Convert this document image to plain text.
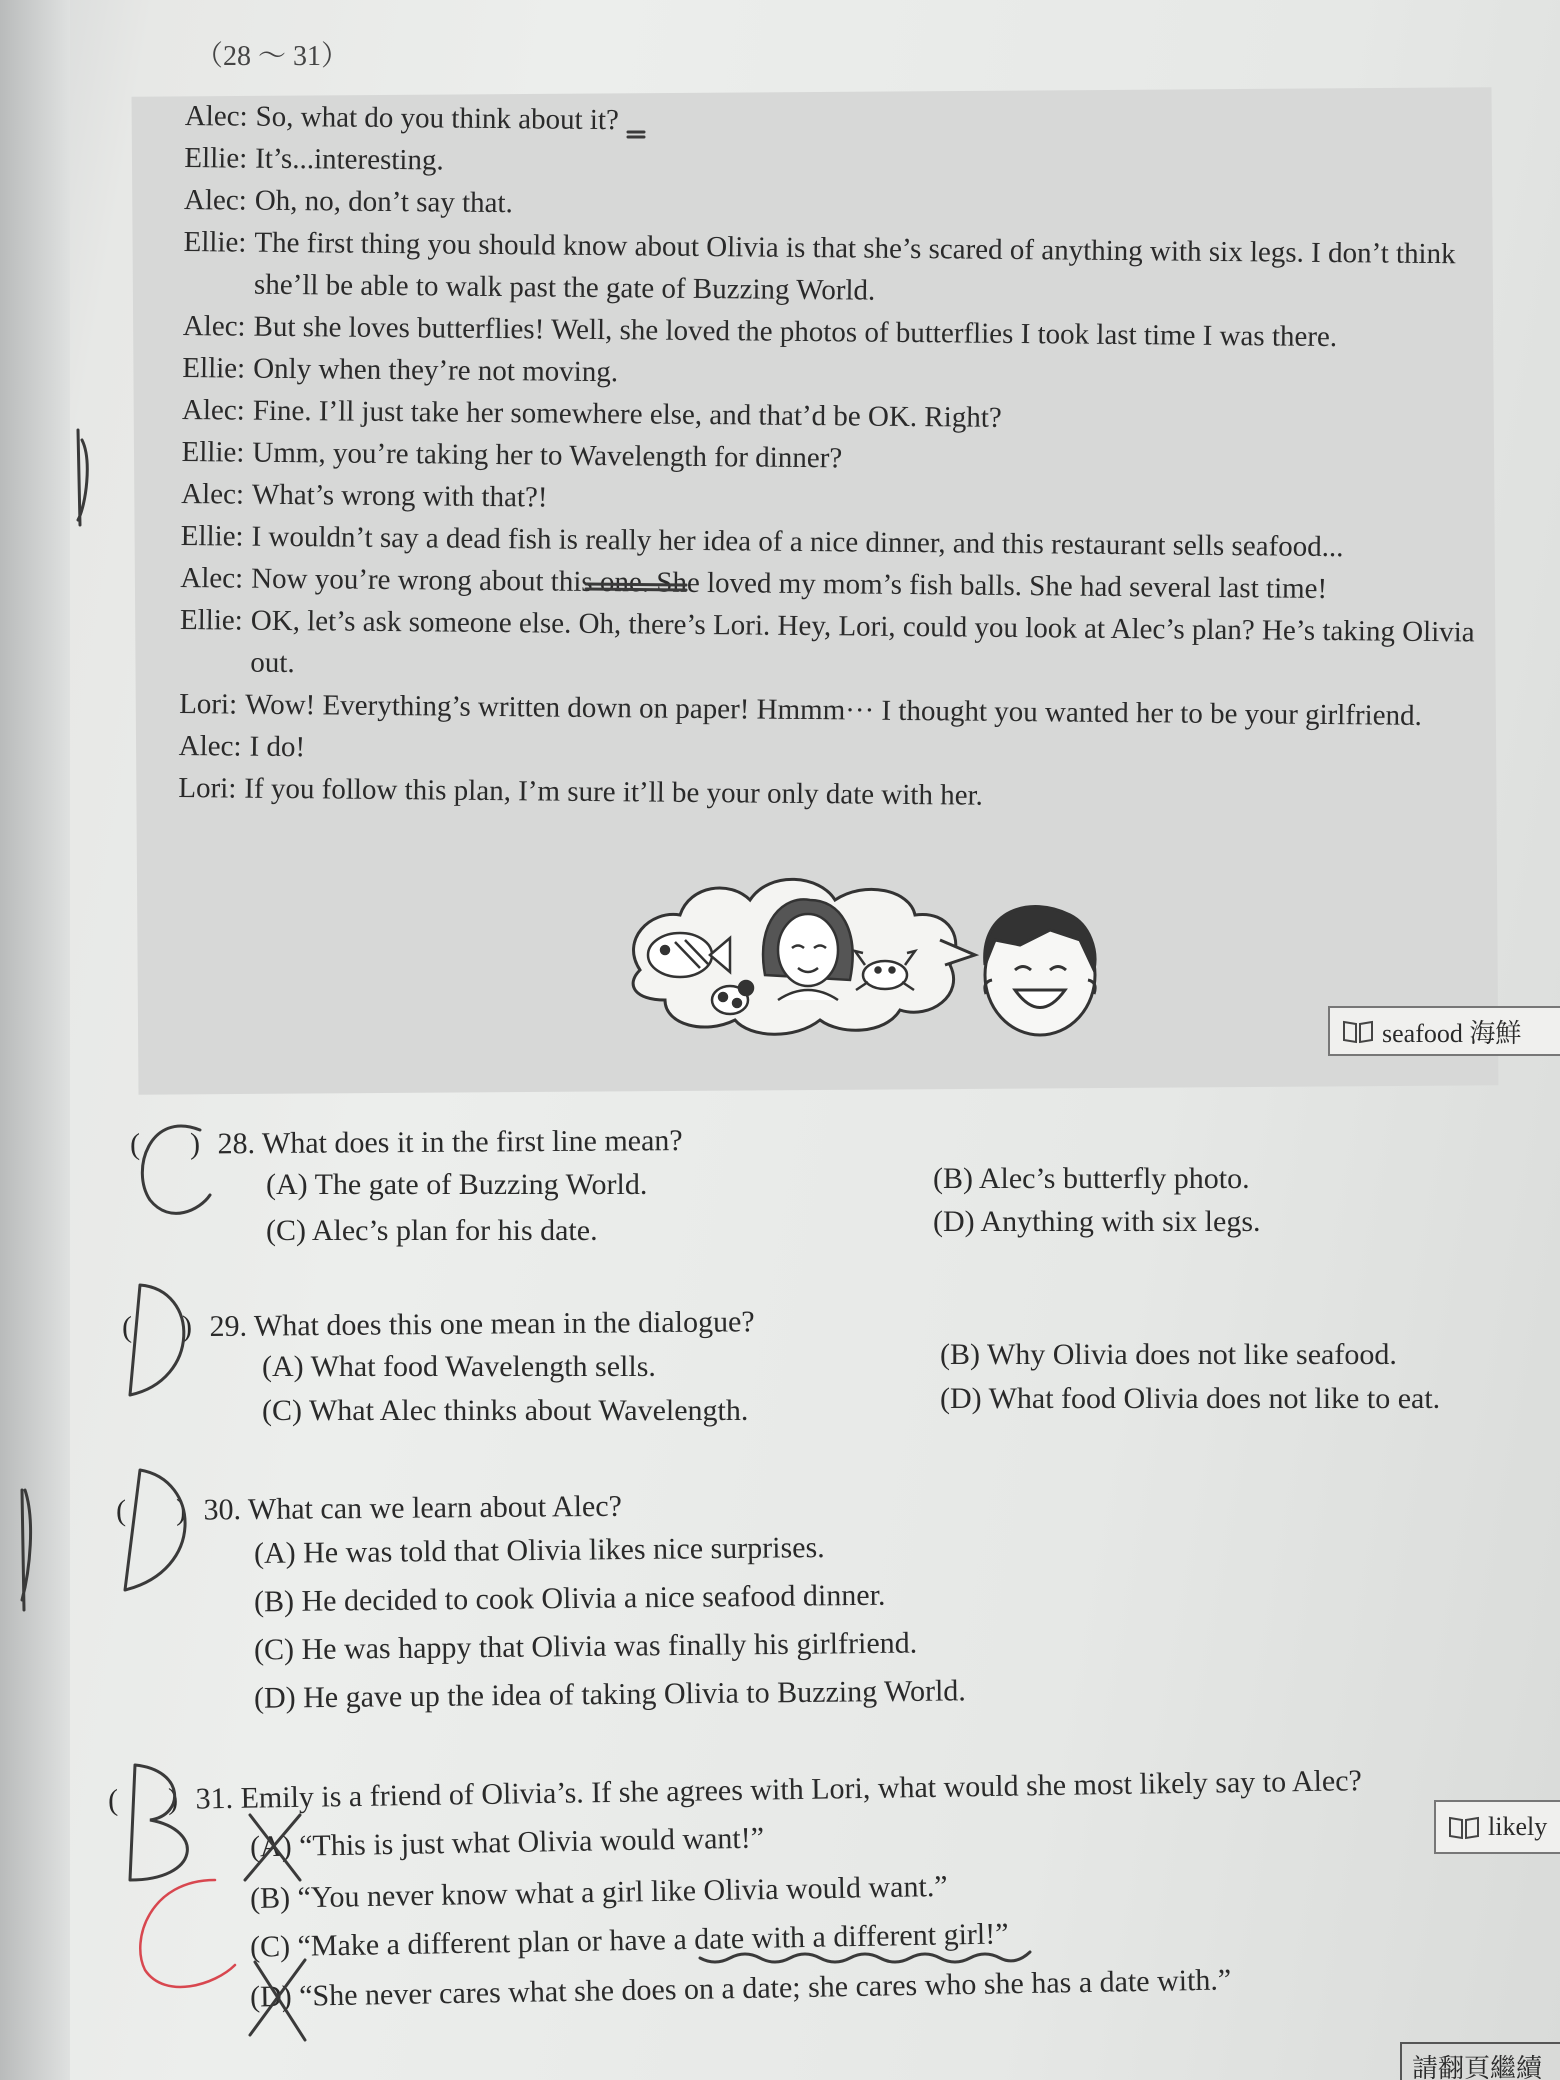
（28 ～ 31）
Alec: So, what do you think about it?
Ellie: It’s...interesting.
Alec: Oh, no, don’t say that.
Ellie: The first thing you should know about Olivia is that she’s scared of anything with six legs. I don’t think she’ll be able to walk past the gate of Buzzing World.
Alec: But she loves butterflies! Well, she loved the photos of butterflies I took last time I was there.
Ellie: Only when they’re not moving.
Alec: Fine. I’ll just take her somewhere else, and that’d be OK. Right?
Ellie: Umm, you’re taking her to Wavelength for dinner?
Alec: What’s wrong with that?!
Ellie: I wouldn’t say a dead fish is really her idea of a nice dinner, and this restaurant sells seafood...
Alec: Now you’re wrong about this one. She loved my mom’s fish balls. She had several last time!
Ellie: OK, let’s ask someone else. Oh, there’s Lori. Hey, Lori, could you look at Alec’s plan? He’s taking Olivia out.
Lori: Wow! Everything’s written down on paper! Hmmm··· I thought you wanted her to be your girlfriend.
Alec: I do!
Lori: If you follow this plan, I’m sure it’ll be your only date with her.
seafood 海鮮
( ) 28. What does it in the first line mean?
(A) The gate of Buzzing World.	(B) Alec’s butterfly photo.
(C) Alec’s plan for his date.	(D) Anything with six legs.
( ) 29. What does this one mean in the dialogue?
(A) What food Wavelength sells.	(B) Why Olivia does not like seafood.
(C) What Alec thinks about Wavelength.	(D) What food Olivia does not like to eat.
( ) 30. What can we learn about Alec?
(A) He was told that Olivia likes nice surprises.
(B) He decided to cook Olivia a nice seafood dinner.
(C) He was happy that Olivia was finally his girlfriend.
(D) He gave up the idea of taking Olivia to Buzzing World.
( ) 31. Emily is a friend of Olivia’s. If she agrees with Lori, what would she most likely say to Alec?
(A) “This is just what Olivia would want!”
(B) “You never know what a girl like Olivia would want.”
(C) “Make a different plan or have a date with a different girl!”
(D) “She never cares what she does on a date; she cares who she has a date with.”
likely
請翻頁繼續
